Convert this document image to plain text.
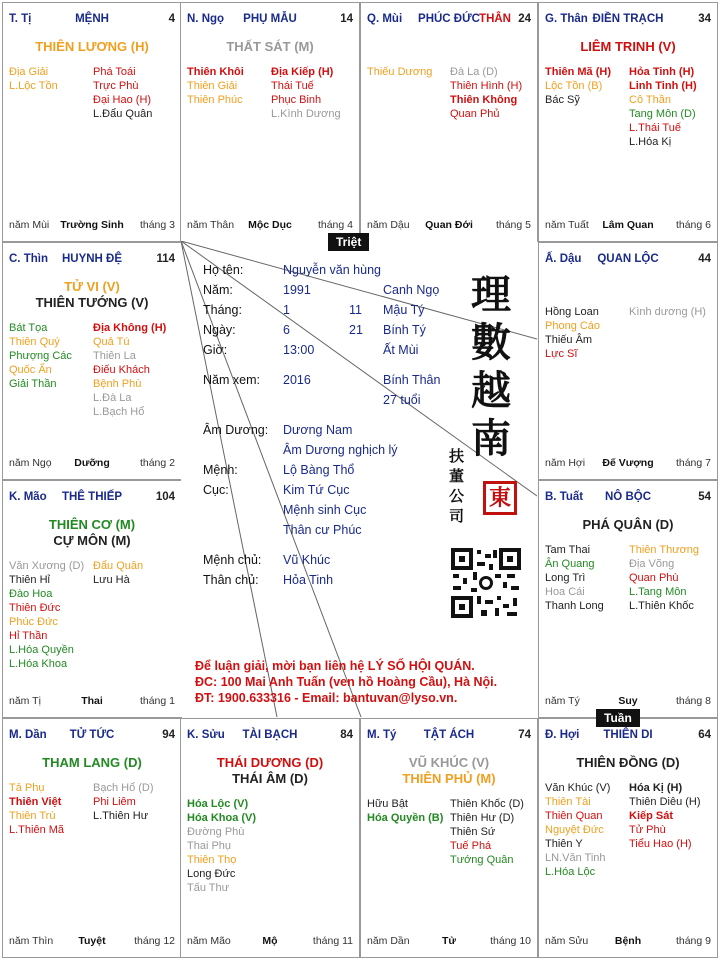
T. Tị	MỆNH	4
THIÊN LƯƠNG (H)
Địa Giải
L.Lộc Tồn
Phá Toái
Trực Phù
Đại Hao (H)
L.Đẩu Quân
năm Mùi	Trường Sinh	tháng 3
N. Ngọ	PHỤ MẪU	14
THẤT SÁT (M)
Thiên Khôi
Thiên Giải
Thiên Phúc
Địa Kiếp (H)
Thái Tuế
Phục Binh
L.Kình Dương
năm Thân	Mộc Dục	tháng 4
Q. Mùi	PHÚC ĐỨC	24
THÂN
Thiếu Dương Đà La (D)
Thiên Hình (H)
Thiên Không
Quan Phủ
năm Dậu	Quan Đới	tháng 5
G. Thân ĐIỀN TRẠCH	34
LIÊM TRINH (V)
Thiên Mã (H)
Lộc Tồn (B)
Bác Sỹ
Hỏa Tinh (H)
Linh Tinh (H)
Cô Thần
Tang Môn (D)
L.Thái Tuế
L.Hóa Kị
năm Tuất	Lâm Quan	tháng 6
C. Thìn	HUYNH ĐỆ	114
TỬ VI (V)
THIÊN TƯỚNG (V)
Bát Tọa
Thiên Quý
Phượng Các
Quốc Ấn
Giải Thần
Địa Không (H)
Quả Tú
Thiên La
Điếu Khách
Bệnh Phù
L.Đà La
L.Bạch Hổ
năm Ngọ	Dưỡng	tháng 2
Ấ. Dậu	QUAN LỘC	44
Hồng Loan
Phong Cáo
Thiếu Âm
Lực Sĩ
Kình dương (H)
năm Hợi	Đế Vượng	tháng 7
K. Mão	THÊ THIẾP	104
THIÊN CƠ (M)
CỰ MÔN (M)
Văn Xương (D)
Thiên Hỉ
Đào Hoa
Thiên Đức
Phúc Đức
Hỉ Thần
L.Hóa Quyền
L.Hóa Khoa
Đẩu Quân
Lưu Hà
năm Tị	Thai	tháng 1
B. Tuất	NÔ BỘC	54
PHÁ QUÂN (D)
Tam Thai
Ân Quang
Long Trì
Hoa Cái
Thanh Long
Thiên Thương
Địa Võng
Quan Phù
L.Tang Môn
L.Thiên Khốc
năm Tý	Suy	tháng 8
M. Dần	TỬ TỨC	94
THAM LANG (D)
Tả Phụ
Thiên Việt
Thiên Trù
L.Thiên Mã
Bạch Hổ (D)
Phi Liêm
L.Thiên Hư
năm Thìn	Tuyệt	tháng 12
K. Sửu	TÀI BẠCH	84
THÁI DƯƠNG (D)
THÁI ÂM (D)
Hóa Lộc (V)
Hóa Khoa (V)
Đường Phù
Thai Phụ
Thiên Thọ
Long Đức
Tấu Thư
năm Mão	Mộ	tháng 11
M. Tý	TẬT ÁCH	74
VŨ KHÚC (V)
THIÊN PHỦ (M)
Hữu Bật
Hóa Quyền (B)
Thiên Khốc (D)
Thiên Hư (D)
Thiên Sứ
Tuế Phá
Tướng Quân
năm Dần	Tử	tháng 10
Đ. Hợi	THIÊN DI	64
THIÊN ĐỒNG (D)
Văn Khúc (V)
Thiên Tài
Thiên Quan
Nguyệt Đức
Thiên Y
LN.Văn Tinh
L.Hóa Lộc
Hóa Kị (H)
Thiên Diêu (H)
Kiếp Sát
Tử Phù
Tiểu Hao (H)
năm Sửu	Bệnh	tháng 9
Họ tên:	Nguyễn văn hùng
Năm:	1991	Canh Ngọ
Tháng:	1	11 Mậu Tý
Ngày:	6	21 Bính Tý
Giờ:	13:00	Ất Mùi
Năm xem: 2016	Bính Thân
27 tuổi
Âm Dương: Dương Nam
Âm Dương nghịch lý
Mệnh:	Lộ Bàng Thổ
Cục:	Kim Tứ Cục
Mệnh sinh Cục
Thân cư Phúc
Mệnh chủ: Vũ Khúc
Thân chủ: Hỏa Tinh
理
數
越
南
扶
董
公
司
東
Để luận giải, mời bạn liên hệ LÝ SỐ HỘI QUÁN.
ĐC: 100 Mai Anh Tuấn (ven hồ Hoàng Cầu), Hà Nội.
ĐT: 1900.633316 - Email: bantuvan@lyso.vn.
Triệt
Tuần
